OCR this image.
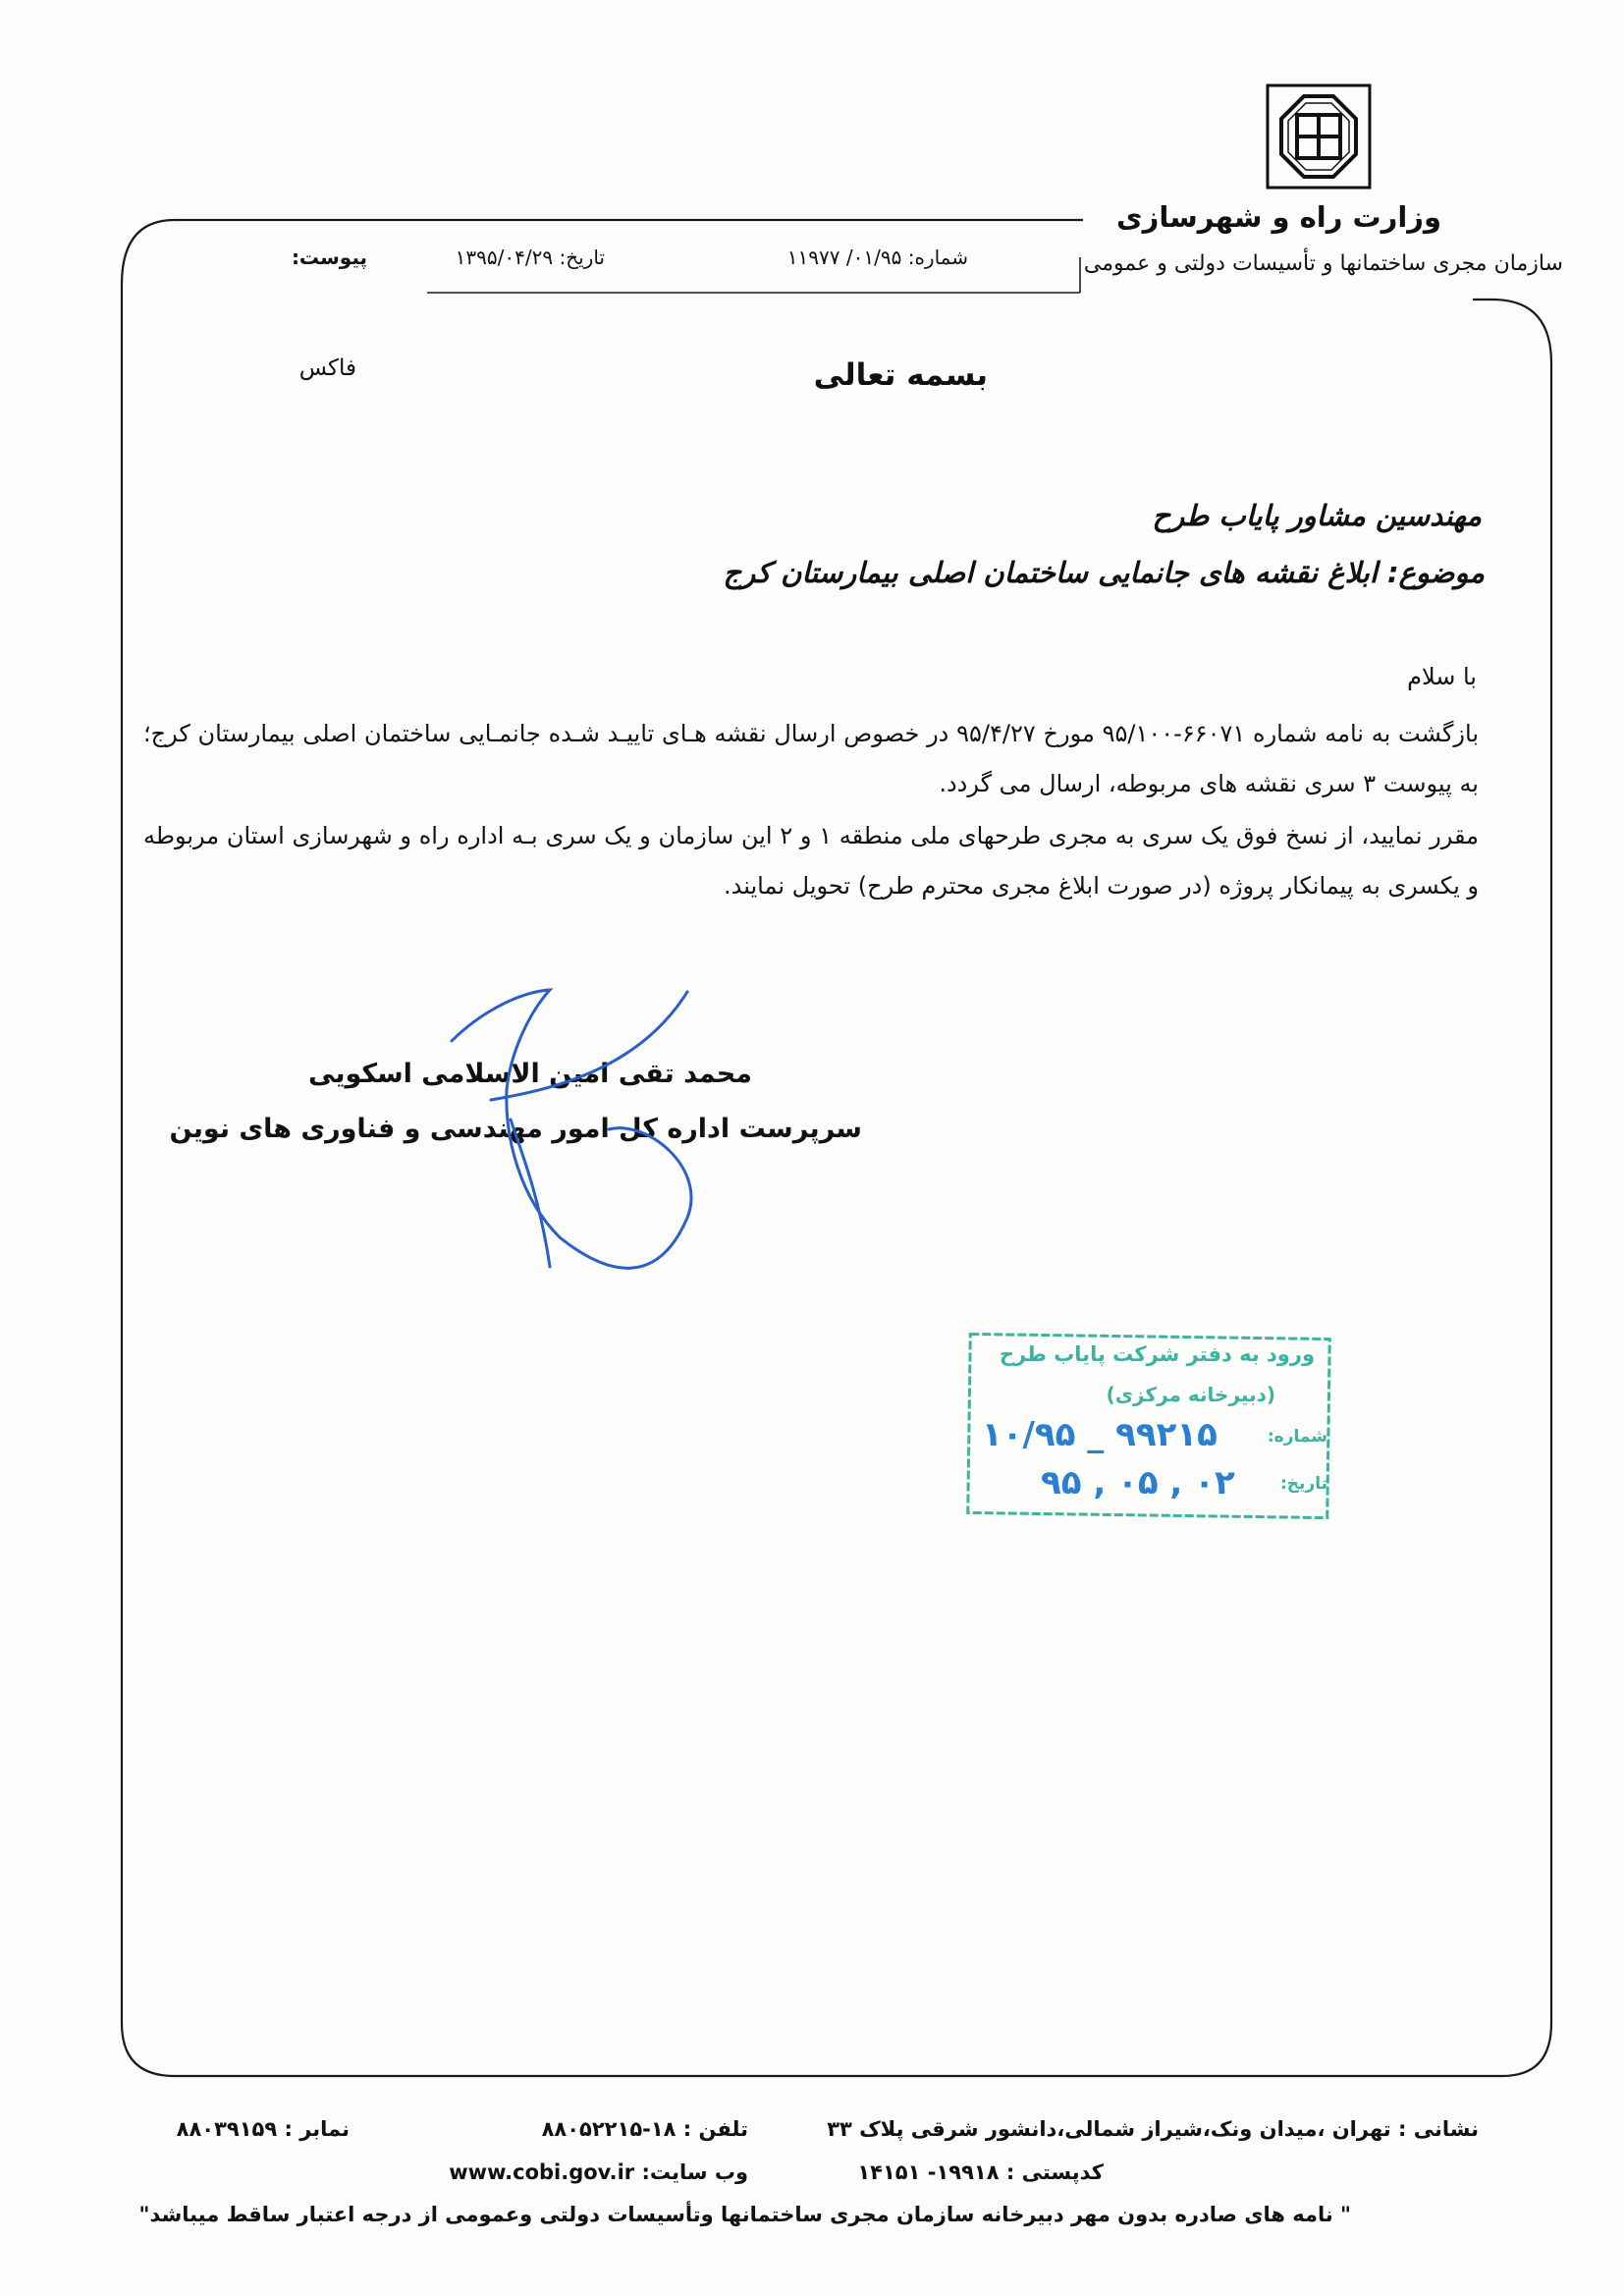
وزارت راه و شهرسازی
سازمان مجری ساختمانها و تأسیسات دولتی و عمومی
شماره: ۰۱/۹۵/ ۱۱۹۷۷
تاریخ: ۱۳۹۵/۰۴/۲۹
پیوست:
بسمه تعالی
فاکس
مهندسین مشاور پایاب طرح
موضوع: ابلاغ نقشه های جانمایی ساختمان اصلی بیمارستان کرج
با سلام
بازگشت به نامه شماره ۶۶۰۷۱-۹۵/۱۰۰ مورخ ۹۵/۴/۲۷ در خصوص ارسال نقشه هـای تاییـد شـده جانمـایی ساختمان اصلی بیمارستان کرج؛ به پیوست ۳ سری نقشه های مربوطه، ارسال می گردد.
مقرر نمایید، از نسخ فوق یک سری به مجری طرحهای ملی منطقه ۱ و ۲ این سازمان و یک سری بـه اداره راه و شهرسازی استان مربوطه و یکسری به پیمانکار پروژه (در صورت ابلاغ مجری محترم طرح) تحویل نمایند.
محمد تقی امین الاسلامی اسکویی
سرپرست اداره کل امور مهندسی و فناوری های نوین
ورود به دفتر شرکت پایاب طرح
(دبیرخانه مرکزی)
شماره:
تاریخ:
۱۰/۹۵ _ ۹۹۲۱۵
۹۵ , ۰۵ , ۰۲
نشانی : تهران ،میدان ونک،شیراز شمالی،دانشور شرقی پلاک ۳۳
کدپستی : ۱۹۹۱۸- ۱۴۱۵۱
تلفن : ۱۸-۸۸۰۵۲۲۱۵
وب سایت: www.cobi.gov.ir
نمابر : ۸۸۰۳۹۱۵۹
" نامه های صادره بدون مهر دبیرخانه سازمان مجری ساختمانها وتأسیسات دولتی وعمومی از درجه اعتبار ساقط میباشد"
